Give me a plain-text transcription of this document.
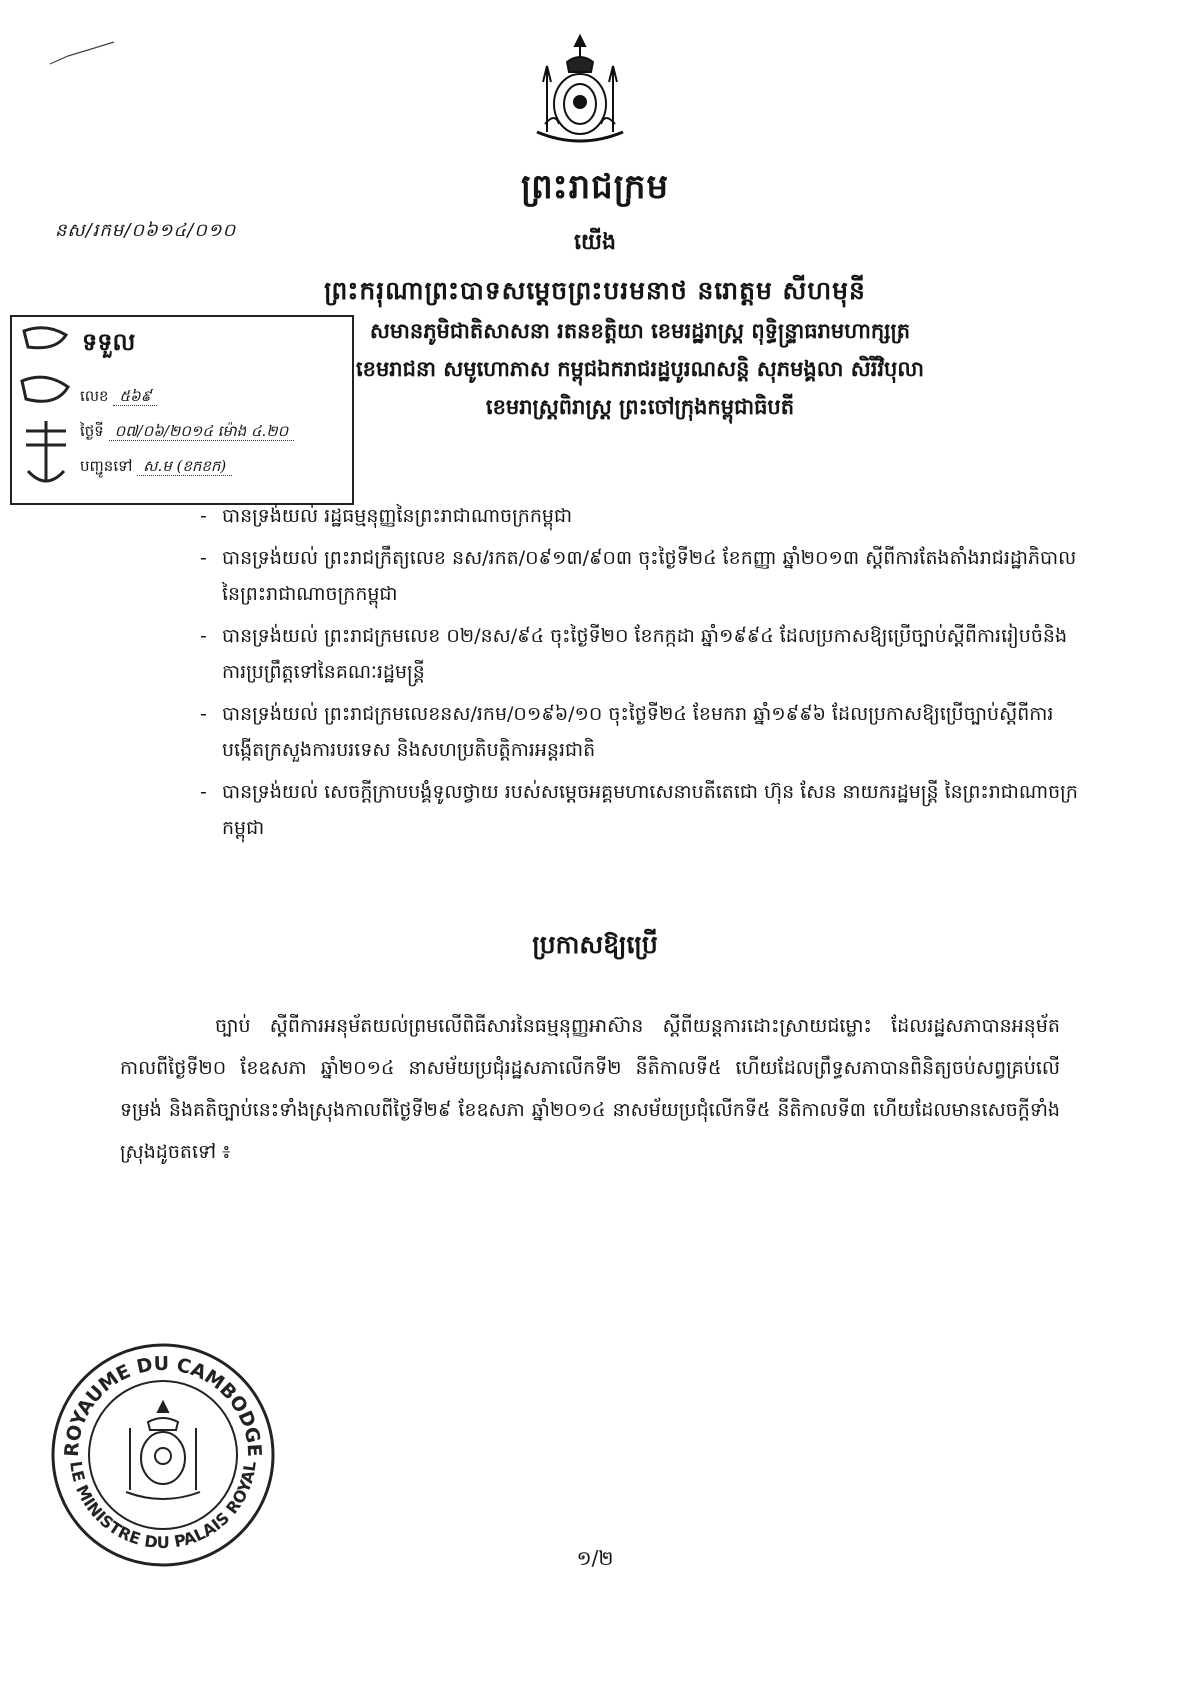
ព្រះរាជក្រម
នស/រកម/០៦១៤/០១០	យើង
ព្រះករុណាព្រះបាទសម្តេចព្រះបរមនាថ នរោត្តម សីហមុនី
សមានភូមិជាតិសាសនា រតនខត្តិយា ខេមរដ្ឋរាស្ត្រ ពុទ្ធិន្ទ្រាធរាមហាក្សត្រ
ខេមរាជនា សមូហោភាស កម្ពុជឯករាជរដ្ឋបូរណសន្តិ សុភមង្គលា សិរីវិបុលា
ខេមរាស្ត្រពិរាស្ត្រ ព្រះចៅក្រុងកម្ពុជាធិបតី
ទទួល
លេខ ៥៦៩
ថ្ងៃទី ០៧/០៦/២០១៤ ម៉ោង ៤.២០
បញ្ជូនទៅ ស.ម (ខកខក)
- បានទ្រង់យល់ រដ្ឋធម្មនុញ្ញនៃព្រះរាជាណាចក្រកម្ពុជា
- បានទ្រង់យល់ ព្រះរាជក្រឹត្យលេខ នស/រកត/០៩១៣/៩០៣ ចុះថ្ងៃទី២៤ ខែកញ្ញា ឆ្នាំ២០១៣ ស្តីពីការតែងតាំងរាជរដ្ឋាភិបាលនៃព្រះរាជាណាចក្រកម្ពុជា
- បានទ្រង់យល់ ព្រះរាជក្រមលេខ ០២/នស/៩៤ ចុះថ្ងៃទី២០ ខែកក្កដា ឆ្នាំ១៩៩៤ ដែលប្រកាសឱ្យប្រើច្បាប់ស្តីពីការរៀបចំនិងការប្រព្រឹត្តទៅនៃគណៈរដ្ឋមន្ត្រី
- បានទ្រង់យល់ ព្រះរាជក្រមលេខនស/រកម/០១៩៦/១០ ចុះថ្ងៃទី២៤ ខែមករា ឆ្នាំ១៩៩៦ ដែលប្រកាសឱ្យប្រើច្បាប់ស្តីពីការបង្កើតក្រសួងការបរទេស និងសហប្រតិបត្តិការអន្តរជាតិ
- បានទ្រង់យល់ សេចក្តីក្រាបបង្គំទូលថ្វាយ របស់សម្តេចអគ្គមហាសេនាបតីតេជោ ហ៊ុន សែន នាយករដ្ឋមន្ត្រី នៃព្រះរាជាណាចក្រកម្ពុជា
ប្រកាសឱ្យប្រើ
ច្បាប់ ស្តីពីការអនុម័តយល់ព្រមលើពិធីសារនៃធម្មនុញ្ញអាស៊ាន ស្តីពីយន្តការដោះស្រាយជម្លោះ ដែលរដ្ឋសភាបានអនុម័ត កាលពីថ្ងៃទី២០ ខែឧសភា ឆ្នាំ២០១៤ នាសម័យប្រជុំរដ្ឋសភាលើកទី២ នីតិកាលទី៥ ហើយដែលព្រឹទ្ធសភាបានពិនិត្យចប់សព្វគ្រប់លើទម្រង់ និងគតិច្បាប់នេះទាំងស្រុងកាលពីថ្ងៃទី២៩ ខែឧសភា ឆ្នាំ២០១៤ នាសម័យប្រជុំលើកទី៥ នីតិកាលទី៣ ហើយដែលមានសេចក្តីទាំងស្រុងដូចតទៅ ៖
ROYAUME DU CAMBODGE
LE MINISTRE DU PALAIS ROYAL
១/២
